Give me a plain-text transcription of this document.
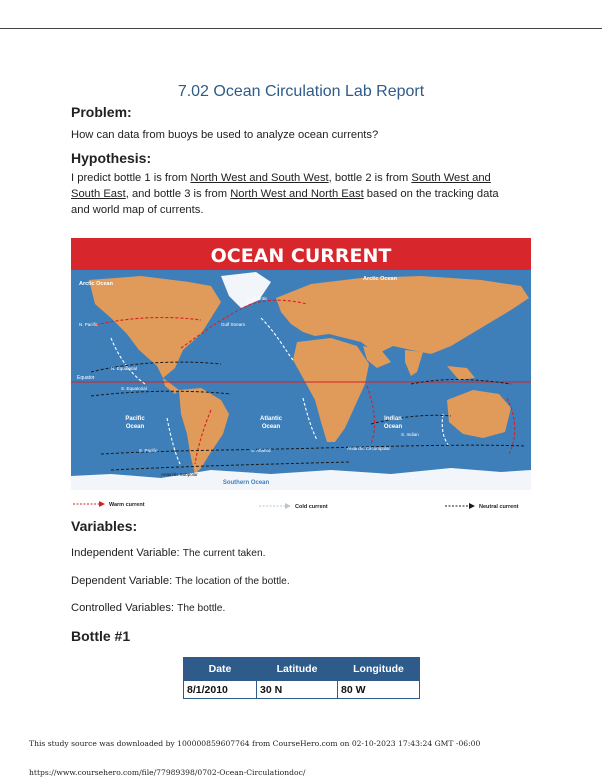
7.02 Ocean Circulation Lab Report
Problem:
How can data from buoys be used to analyze ocean currents?
Hypothesis:
I predict bottle 1 is from North West and South West, bottle 2 is from South West and
South East, and bottle 3 is from North West and North East based on the tracking data
and world map of currents.
OCEAN CURRENT
Equator
Arctic Ocean
Arctic Ocean
Pacific
Ocean
Atlantic
Ocean
Indian
Ocean
Southern Ocean
N. Pacific
N. Equatorial
S. Equatorial
S. Pacific
Gulf Stream
N. Atlantic
S. Atlantic	Antarctic Circumpolar
Antarctic Subpolar
S. Indian
Warm current	Cold current	Neutral current
Variables:
Independent Variable: The current taken.
Dependent Variable: The location of the bottle.
Controlled Variables: The bottle.
Bottle #1
Date	Latitude	Longitude
8/1/2010	30 N	80 W
This study source was downloaded by 100000859607764 from CourseHero.com on 02-10-2023 17:43:24 GMT -06:00
https://www.coursehero.com/file/77989398/0702-Ocean-Circulationdoc/
